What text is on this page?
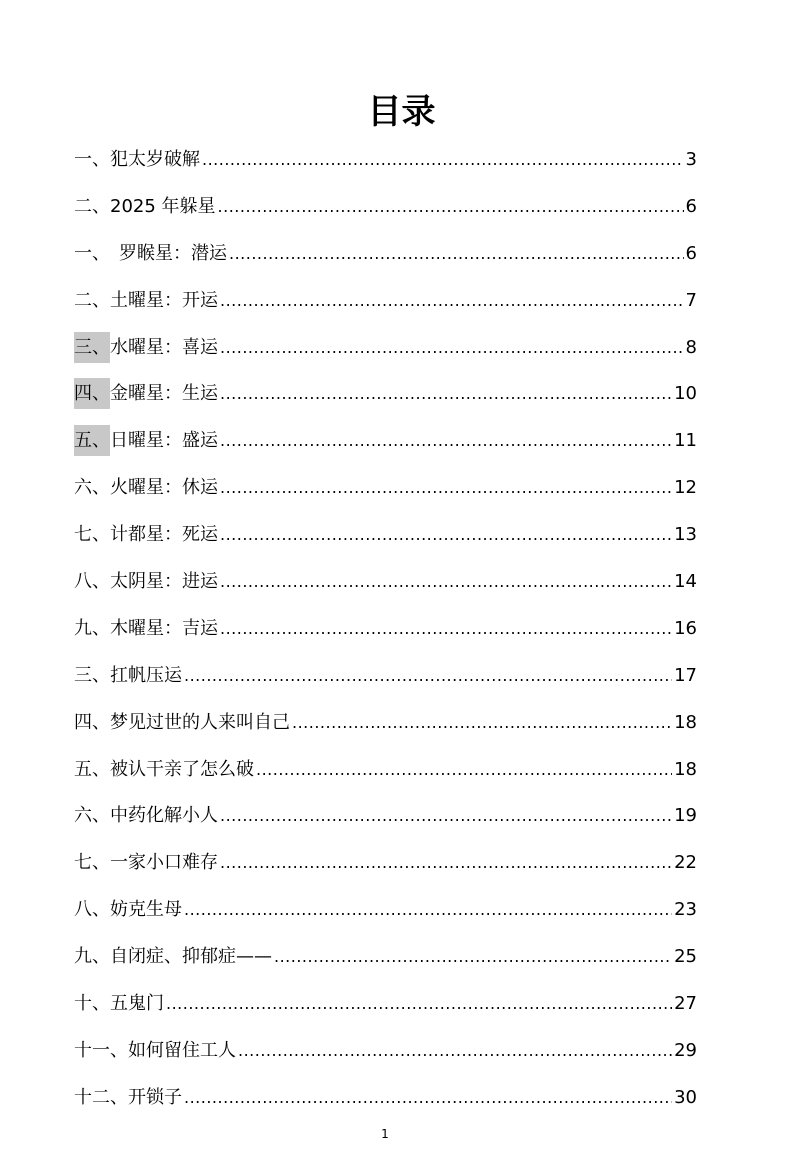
目录
一、犯太岁破解 .....	3
二、2025 年躲星 .....	6
一、　罗睺星：潜运 .....	6
二、土曜星：开运 .....	7
三、水曜星：喜运 .....	8
四、金曜星：生运 .....	10
五、日曜星：盛运 .....	11
六、火曜星：休运 .....	12
七、计都星：死运 .....	13
八、太阴星：进运 .....	14
九、木曜星：吉运 .....	16
三、扛帆压运 .....	17
四、梦见过世的人来叫自己 .....	18
五、被认干亲了怎么破 .....	18
六、中药化解小人 .....	19
七、一家小口难存 .....	22
八、妨克生母 .....	23
九、自闭症、抑郁症—— .....	25
十、五鬼门 .....	27
十一、如何留住工人 .....	29
十二、开锁子 .....	30
1
